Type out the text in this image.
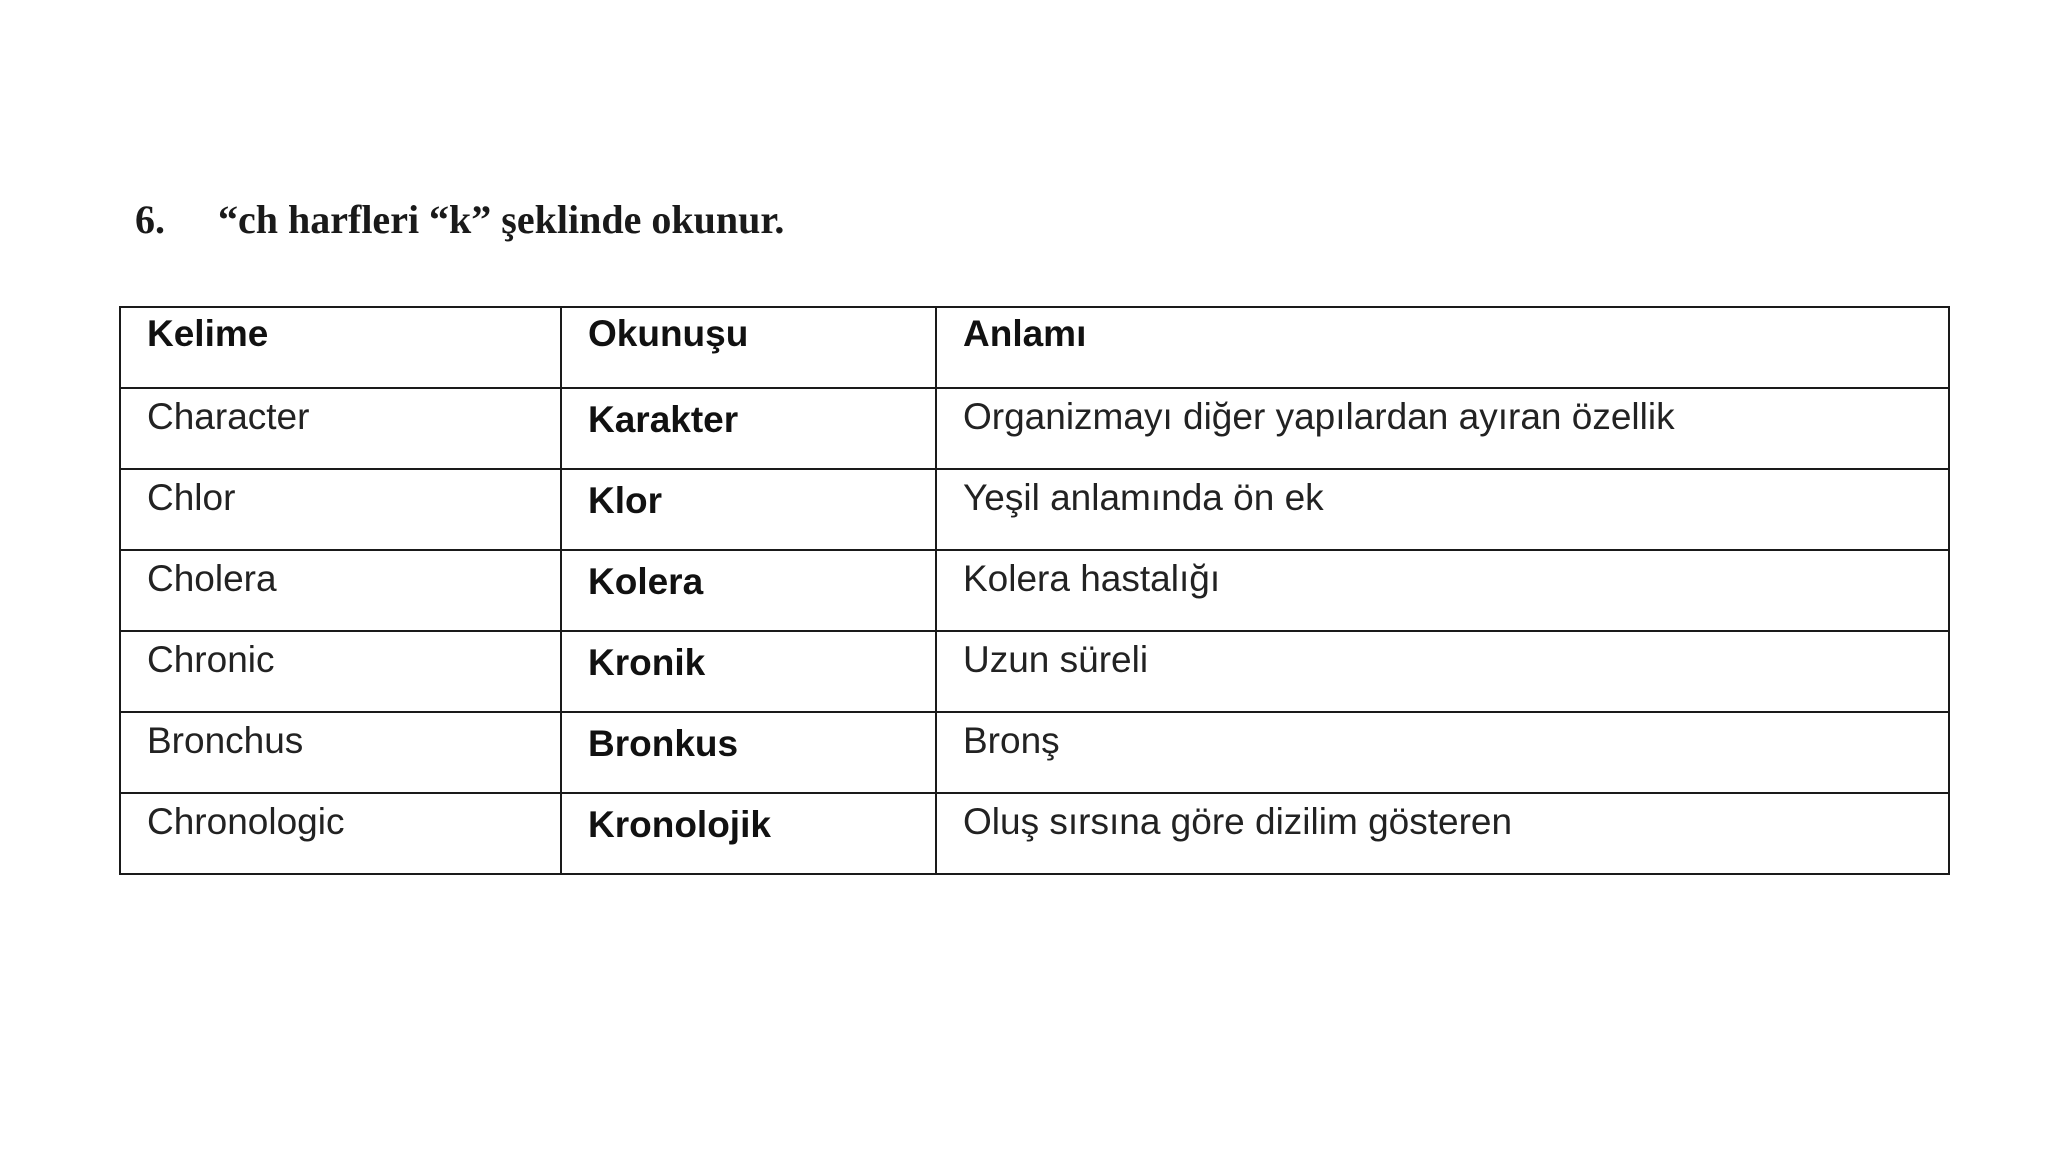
6. “ch harfleri “k” şeklinde okunur.
Kelime	Okunuşu	Anlamı

Character	Karakter	Organizmayı diğer yapılardan ayıran özellik

Chlor	Klor	Yeşil anlamında ön ek

Cholera	Kolera	Kolera hastalığı

Chronic	Kronik	Uzun süreli

Bronchus	Bronkus	Bronş

Chronologic	Kronolojik	Oluş sırsına göre dizilim gösteren
